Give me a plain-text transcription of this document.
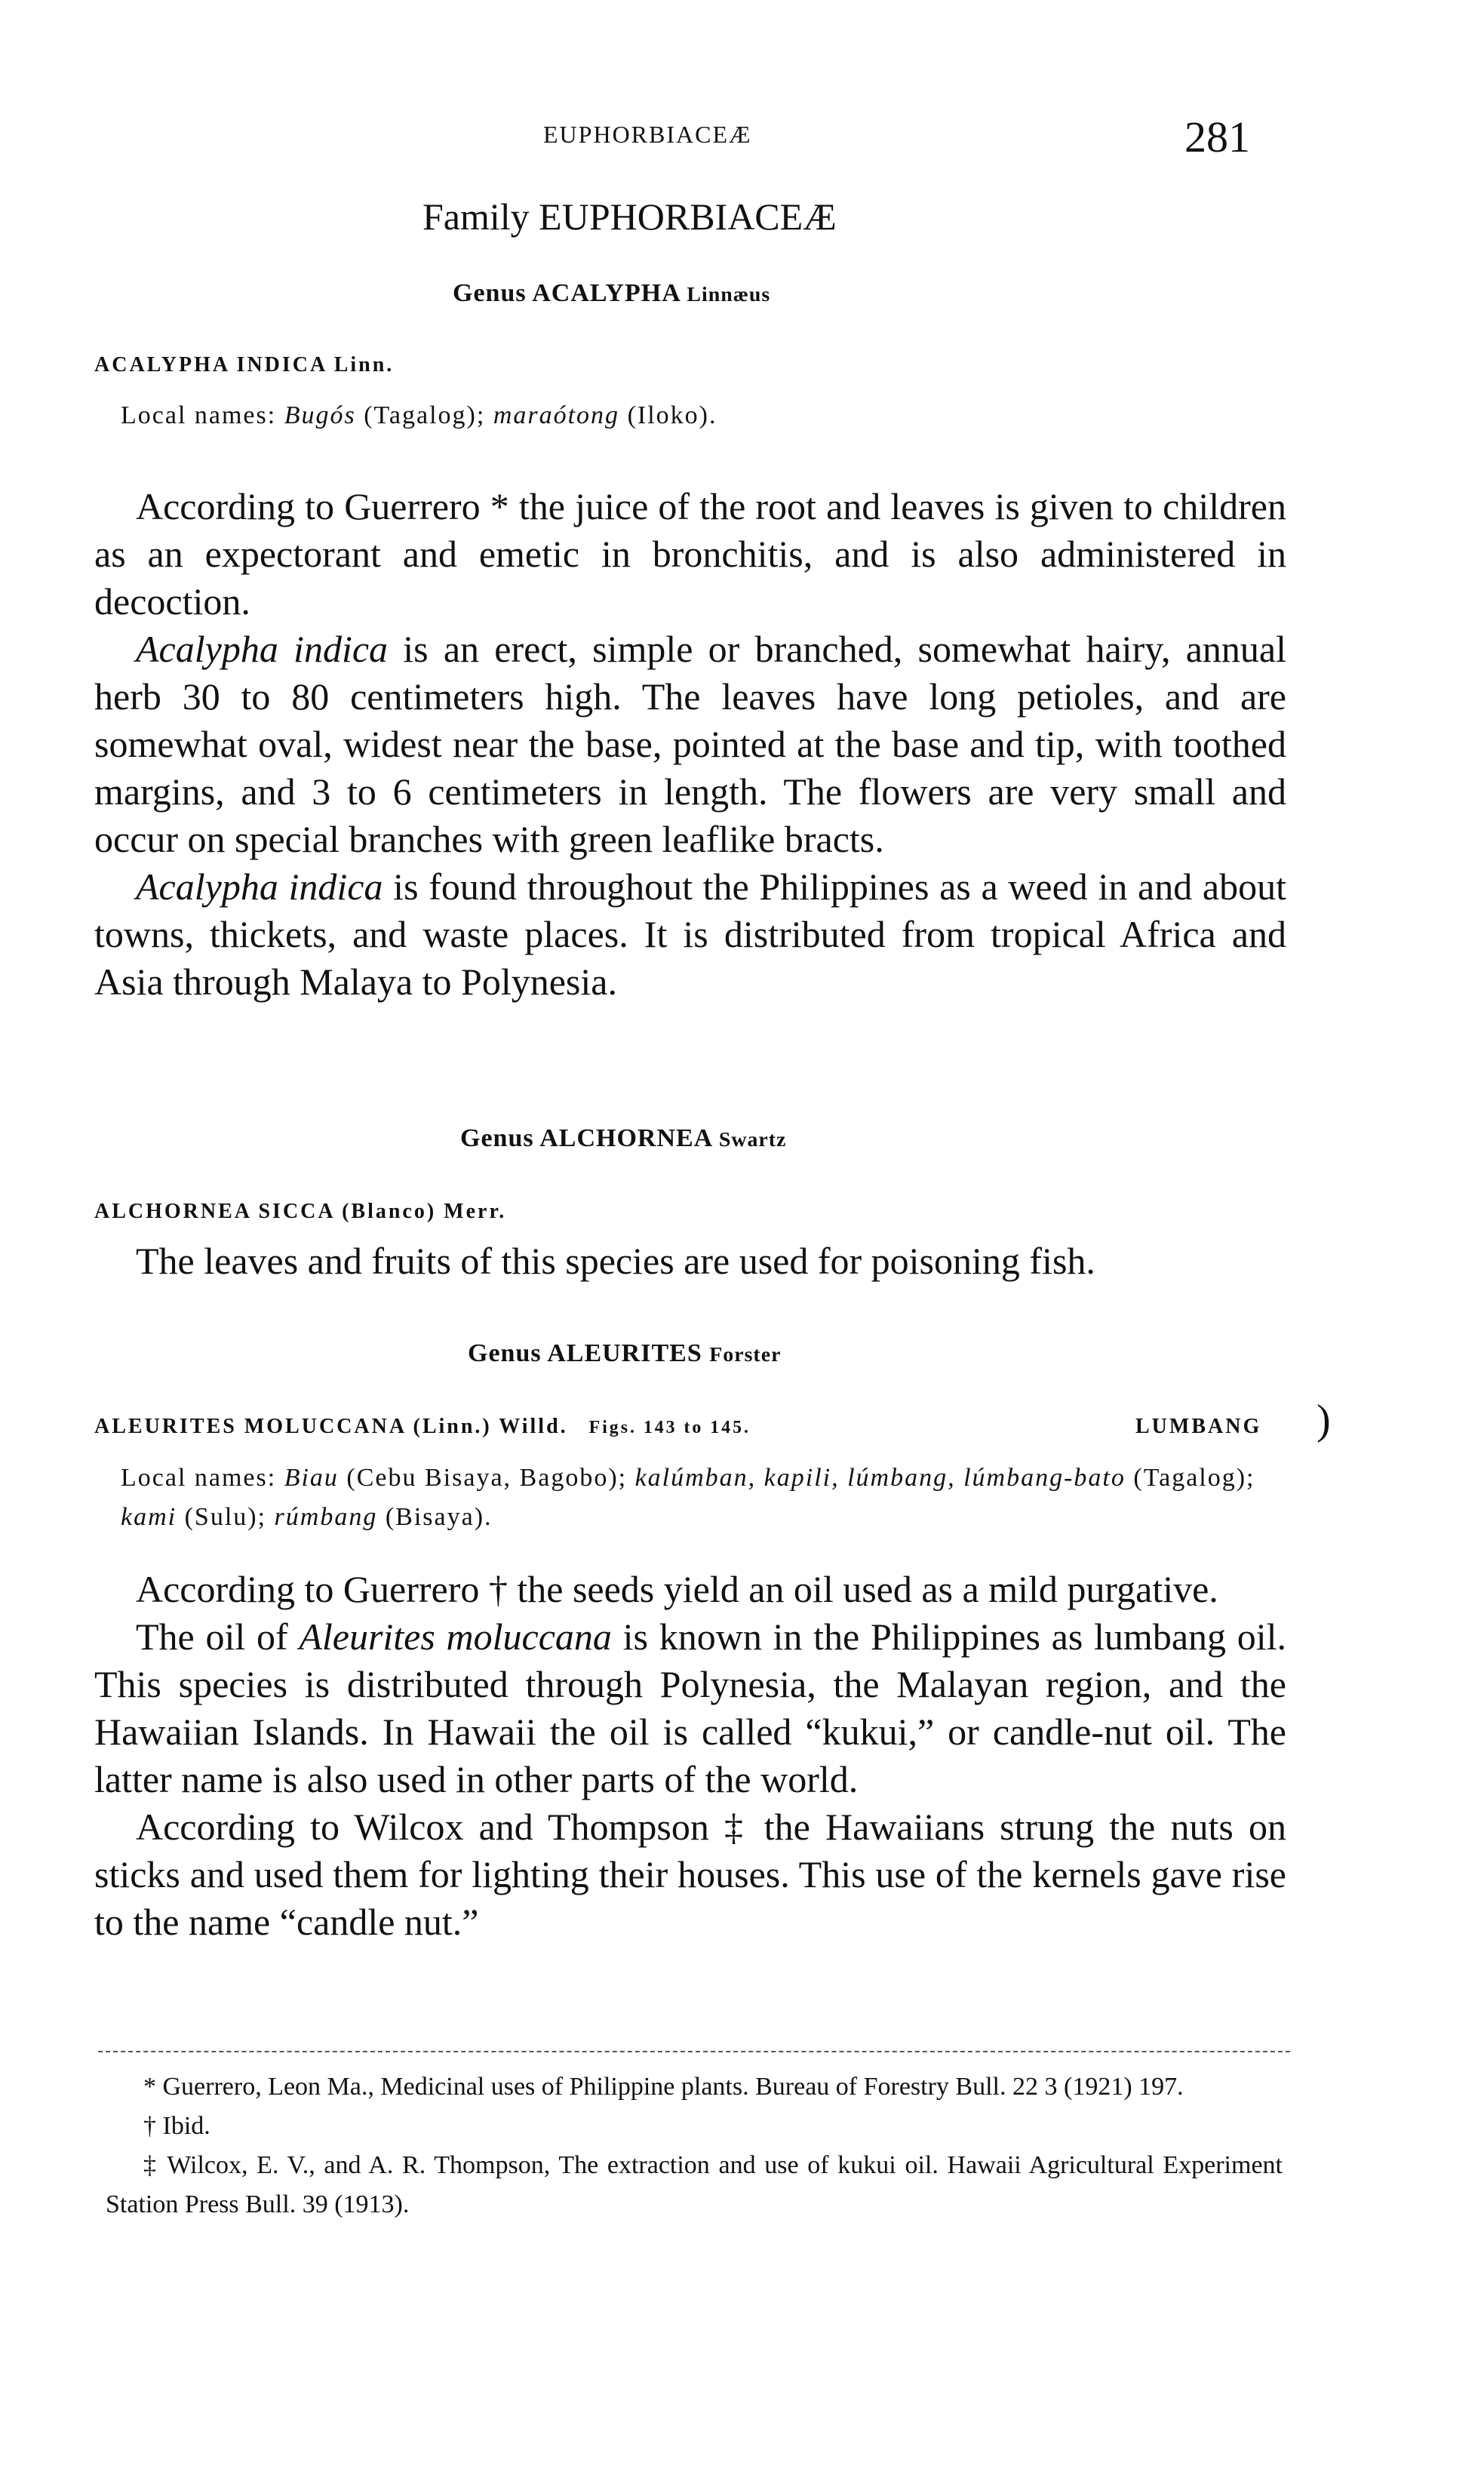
EUPHORBIACEÆ	281
Family EUPHORBIACEÆ
Genus ACALYPHA Linnæus
ACALYPHA INDICA Linn.
Local names: Bugós (Tagalog); maraótong (Iloko).

According to Guerrero * the juice of the root and leaves is given to children as an expectorant and emetic in bronchitis, and is also administered in decoction.

Acalypha indica is an erect, simple or branched, somewhat hairy, annual herb 30 to 80 centimeters high. The leaves have long petioles, and are somewhat oval, widest near the base, pointed at the base and tip, with toothed margins, and 3 to 6 centimeters in length. The flowers are very small and occur on special branches with green leaflike bracts.

Acalypha indica is found throughout the Philippines as a weed in and about towns, thickets, and waste places. It is distributed from tropical Africa and Asia through Malaya to Polynesia.

Genus ALCHORNEA Swartz
ALCHORNEA SICCA (Blanco) Merr.

The leaves and fruits of this species are used for poisoning fish.

Genus ALEURITES Forster
ALEURITES MOLUCCANA (Linn.) Willd. Figs. 143 to 145.	LUMBANG )
Local names: Biau (Cebu Bisaya, Bagobo); kalúmban, kapili, lúmbang, lúmbang-bato (Tagalog); kami (Sulu); rúmbang (Bisaya).

According to Guerrero † the seeds yield an oil used as a mild purgative.

The oil of Aleurites moluccana is known in the Philippines as lumbang oil. This species is distributed through Polynesia, the Malayan region, and the Hawaiian Islands. In Hawaii the oil is called “kukui,” or candle-nut oil. The latter name is also used in other parts of the world.

According to Wilcox and Thompson ‡ the Hawaiians strung the nuts on sticks and used them for lighting their houses. This use of the kernels gave rise to the name “candle nut.”

* Guerrero, Leon Ma., Medicinal uses of Philippine plants. Bureau of Forestry Bull. 22 3 (1921) 197.

† Ibid.

‡ Wilcox, E. V., and A. R. Thompson, The extraction and use of kukui oil. Hawaii Agricultural Experiment Station Press Bull. 39 (1913).
